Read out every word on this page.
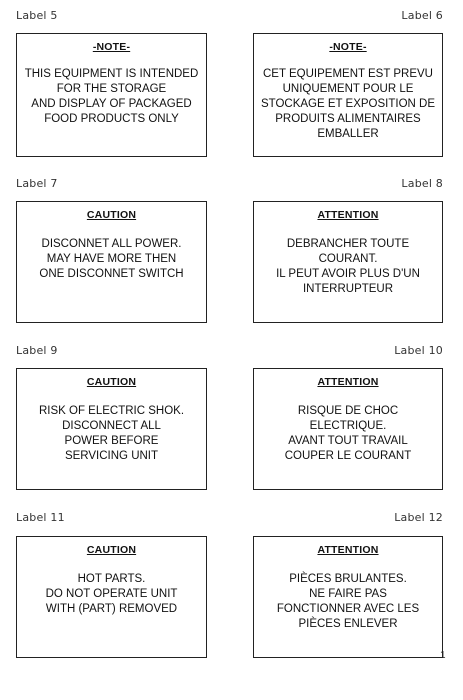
Label 5	Label 6
-NOTE-
THIS EQUIPMENT IS INTENDED
FOR THE STORAGE
AND DISPLAY OF PACKAGED
FOOD PRODUCTS ONLY
-NOTE-
CET EQUIPEMENT EST PREVU
UNIQUEMENT POUR LE
STOCKAGE ET EXPOSITION DE
PRODUITS ALIMENTAIRES
EMBALLER
Label 7	Label 8
CAUTION
DISCONNET ALL POWER.
MAY HAVE MORE THEN
ONE DISCONNET SWITCH
ATTENTION
DEBRANCHER TOUTE
COURANT.
IL PEUT AVOIR PLUS D'UN
INTERRUPTEUR
Label 9	Label 10
CAUTION
RISK OF ELECTRIC SHOK.
DISCONNECT ALL
POWER BEFORE
SERVICING UNIT
ATTENTION
RISQUE DE CHOC
ELECTRIQUE.
AVANT TOUT TRAVAIL
COUPER LE COURANT
Label 11	Label 12
CAUTION
HOT PARTS.
DO NOT OPERATE UNIT
WITH (PART) REMOVED
ATTENTION
PIÈCES BRULANTES.
NE FAIRE PAS
FONCTIONNER AVEC LES
PIÈCES ENLEVER
1
